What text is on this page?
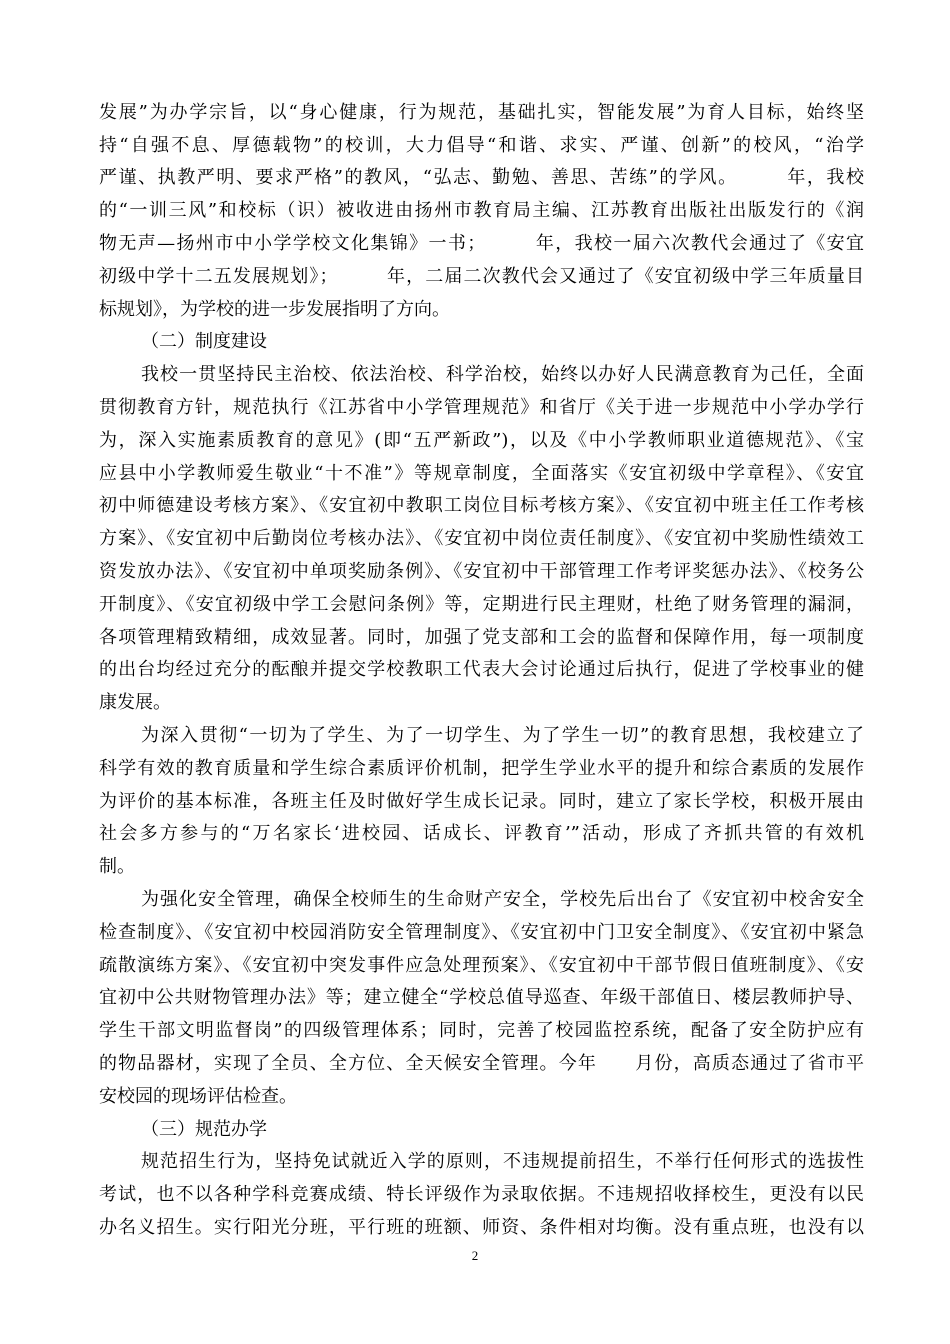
发展”为办学宗旨，以“身心健康，行为规范，基础扎实，智能发展”为育人目标，始终坚
持“自强不息、厚德载物”的校训，大力倡导“和谐、求实、严谨、创新”的校风，“治学
严谨、执教严明、要求严格”的教风，“弘志、勤勉、善思、苦练”的学风。　　　年，我校
的“一训三风”和校标（识）被收进由扬州市教育局主编、江苏教育出版社出版发行的《润
物无声—扬州市中小学学校文化集锦》一书；　　　年，我校一届六次教代会通过了《安宜
初级中学十二五发展规划》；　　　年，二届二次教代会又通过了《安宜初级中学三年质量目
标规划》，为学校的进一步发展指明了方向。
（二）制度建设
我校一贯坚持民主治校、依法治校、科学治校，始终以办好人民满意教育为己任，全面
贯彻教育方针，规范执行《江苏省中小学管理规范》和省厅《关于进一步规范中小学办学行
为，深入实施素质教育的意见》(即“五严新政”)，以及《中小学教师职业道德规范》、《宝
应县中小学教师爱生敬业“十不准”》等规章制度，全面落实《安宜初级中学章程》、《安宜
初中师德建设考核方案》、《安宜初中教职工岗位目标考核方案》、《安宜初中班主任工作考核
方案》、《安宜初中后勤岗位考核办法》、《安宜初中岗位责任制度》、《安宜初中奖励性绩效工
资发放办法》、《安宜初中单项奖励条例》、《安宜初中干部管理工作考评奖惩办法》、《校务公
开制度》、《安宜初级中学工会慰问条例》等，定期进行民主理财，杜绝了财务管理的漏洞，
各项管理精致精细，成效显著。同时，加强了党支部和工会的监督和保障作用，每一项制度
的出台均经过充分的酝酿并提交学校教职工代表大会讨论通过后执行，促进了学校事业的健
康发展。
为深入贯彻“一切为了学生、为了一切学生、为了学生一切”的教育思想，我校建立了
科学有效的教育质量和学生综合素质评价机制，把学生学业水平的提升和综合素质的发展作
为评价的基本标准，各班主任及时做好学生成长记录。同时，建立了家长学校，积极开展由
社会多方参与的“万名家长‘进校园、话成长、评教育’”活动，形成了齐抓共管的有效机
制。
为强化安全管理，确保全校师生的生命财产安全，学校先后出台了《安宜初中校舍安全
检查制度》、《安宜初中校园消防安全管理制度》、《安宜初中门卫安全制度》、《安宜初中紧急
疏散演练方案》、《安宜初中突发事件应急处理预案》、《安宜初中干部节假日值班制度》、《安
宜初中公共财物管理办法》等；建立健全“学校总值导巡查、年级干部值日、楼层教师护导、
学生干部文明监督岗”的四级管理体系；同时，完善了校园监控系统，配备了安全防护应有
的物品器材，实现了全员、全方位、全天候安全管理。今年　　月份，高质态通过了省市平
安校园的现场评估检查。
（三）规范办学
规范招生行为，坚持免试就近入学的原则，不违规提前招生，不举行任何形式的选拔性
考试，也不以各种学科竞赛成绩、特长评级作为录取依据。不违规招收择校生，更没有以民
办名义招生。实行阳光分班，平行班的班额、师资、条件相对均衡。没有重点班，也没有以
2
